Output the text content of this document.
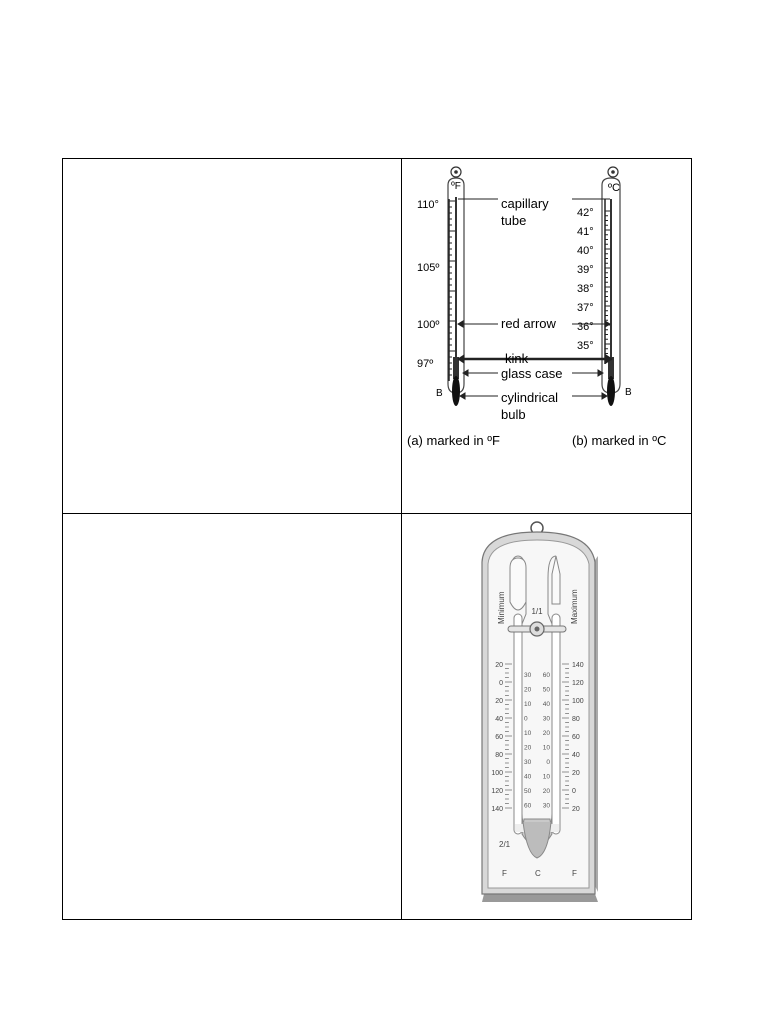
ºF
110°
105º
100º
97º
B
(a) marked in ºF
ºC
42°
41°
40°
39°
38°
37°
36°
35°
B
(b) marked in ºC
capillary
tube
red arrow
kink
glass case
cylindrical
bulb
Minimum	Maximum
1/1
2/1
20
0
20
40
60
80
100
120
140
140
120
100
80
60
40
20
0
20
30
20
10
0
10
20
30
40
50
60
60
50
40
30
20
10
0
10
20
30
F	C	F
